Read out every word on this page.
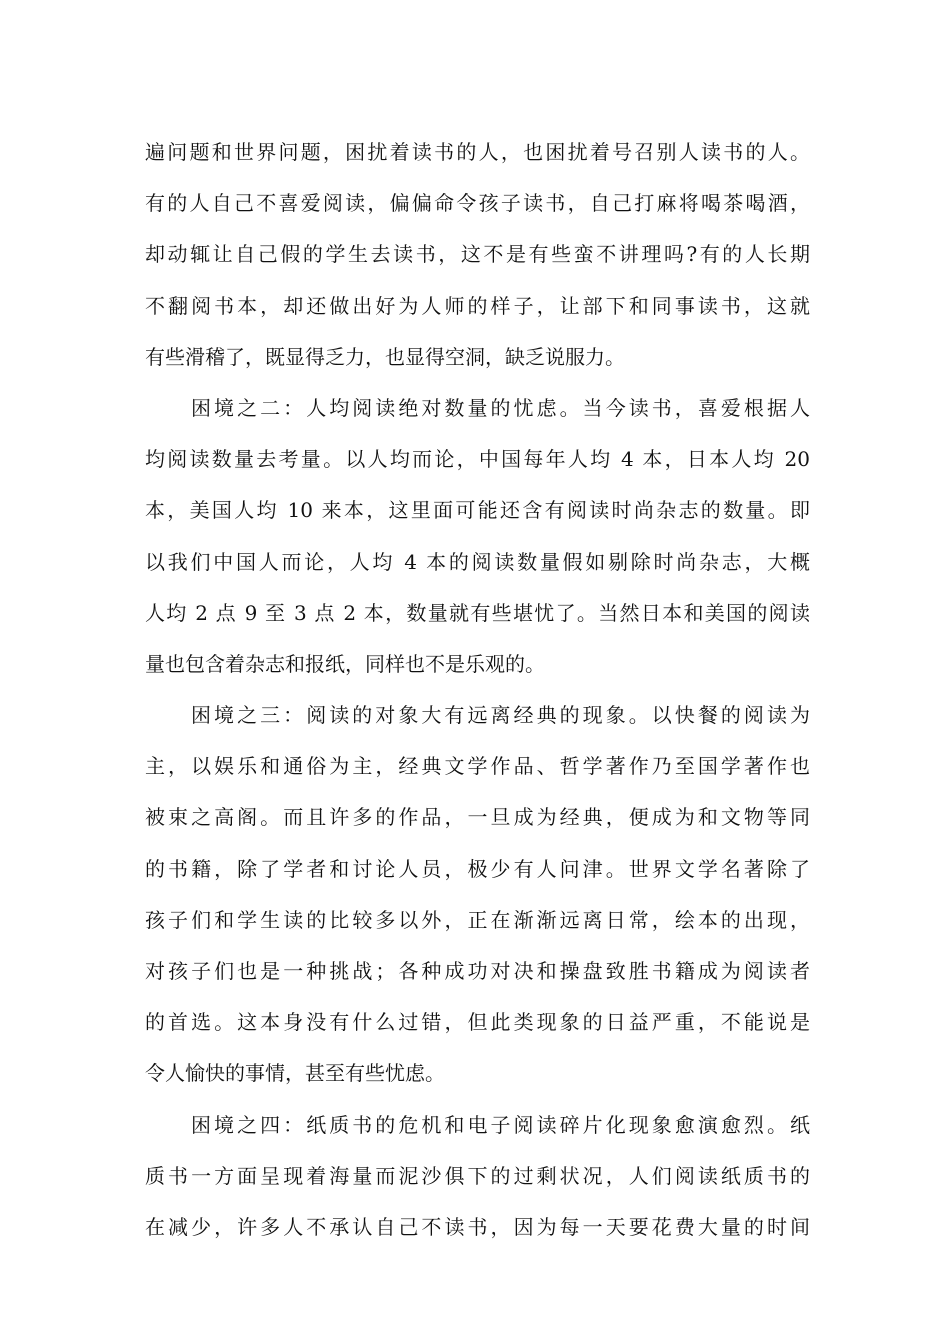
遍问题和世界问题，困扰着读书的人，也困扰着号召别人读书的人。
有的人自己不喜爱阅读，偏偏命令孩子读书，自己打麻将喝茶喝酒，
却动辄让自己假的学生去读书，这不是有些蛮不讲理吗?有的人长期
不翻阅书本，却还做出好为人师的样子，让部下和同事读书，这就
有些滑稽了，既显得乏力，也显得空洞，缺乏说服力。
困境之二：人均阅读绝对数量的忧虑。当今读书，喜爱根据人
均阅读数量去考量。以人均而论，中国每年人均 4 本，日本人均 20
本，美国人均 10 来本，这里面可能还含有阅读时尚杂志的数量。即
以我们中国人而论，人均 4 本的阅读数量假如剔除时尚杂志，大概
人均 2 点 9 至 3 点 2 本，数量就有些堪忧了。当然日本和美国的阅读
量也包含着杂志和报纸，同样也不是乐观的。
困境之三：阅读的对象大有远离经典的现象。以快餐的阅读为
主，以娱乐和通俗为主，经典文学作品、哲学著作乃至国学著作也
被束之高阁。而且许多的作品，一旦成为经典，便成为和文物等同
的书籍，除了学者和讨论人员，极少有人问津。世界文学名著除了
孩子们和学生读的比较多以外，正在渐渐远离日常，绘本的出现，
对孩子们也是一种挑战；各种成功对决和操盘致胜书籍成为阅读者
的首选。这本身没有什么过错，但此类现象的日益严重，不能说是
令人愉快的事情，甚至有些忧虑。
困境之四：纸质书的危机和电子阅读碎片化现象愈演愈烈。纸
质书一方面呈现着海量而泥沙俱下的过剩状况，人们阅读纸质书的
在减少，许多人不承认自己不读书，因为每一天要花费大量的时间
